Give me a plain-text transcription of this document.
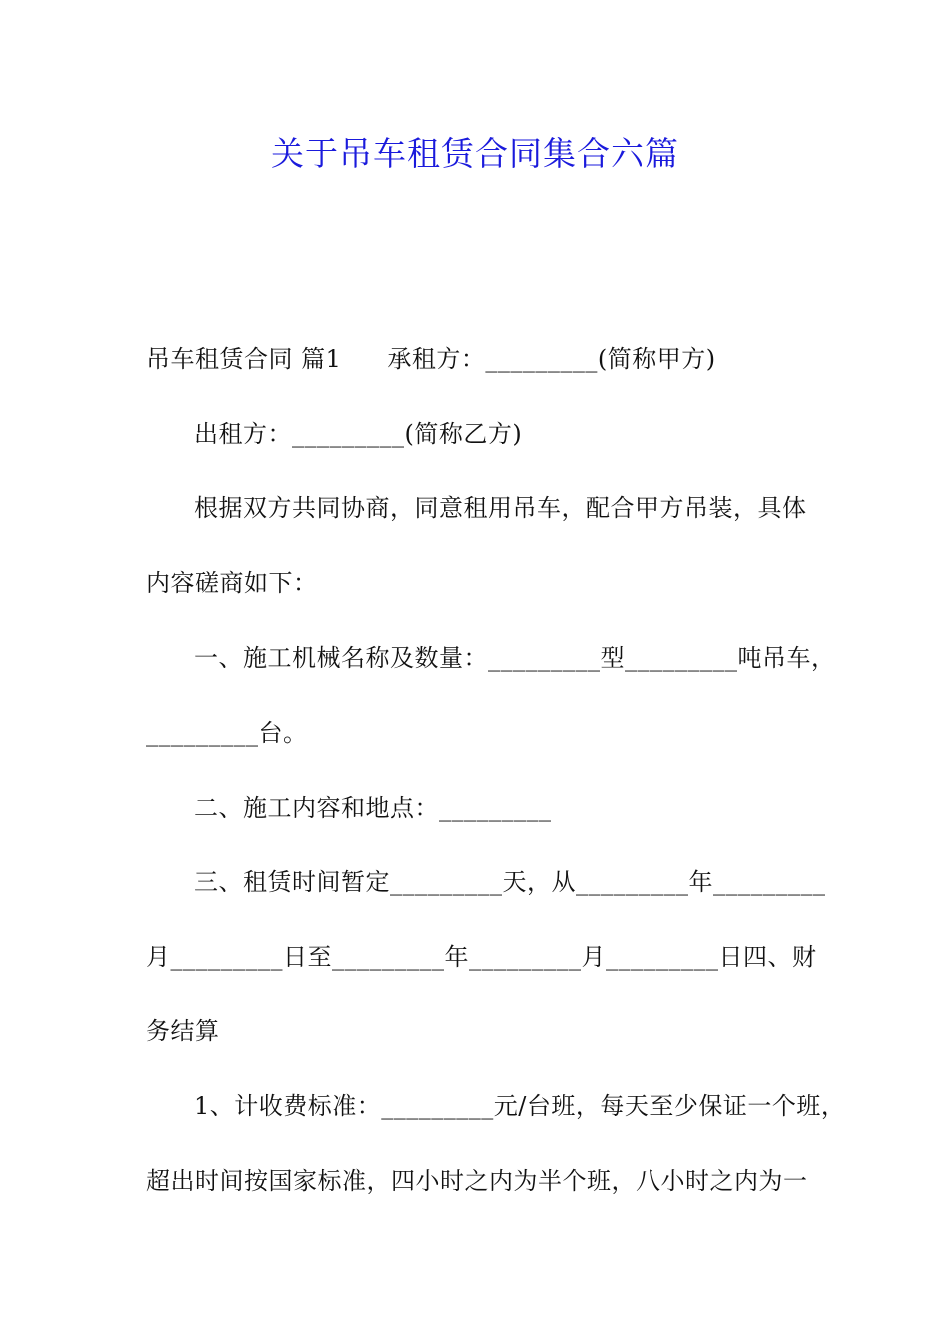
关于吊车租赁合同集合六篇
吊车租赁合同 篇1 承租方：_________(简称甲方)
出租方：_________(简称乙方)
根据双方共同协商，同意租用吊车，配合甲方吊装，具体
内容磋商如下：
一、施工机械名称及数量：_________型_________吨吊车，
_________台。
二、施工内容和地点：_________
三、租赁时间暂定_________天，从_________年_________
月_________日至_________年_________月_________日四、财
务结算
1、计收费标准：_________元/台班，每天至少保证一个班，
超出时间按国家标准，四小时之内为半个班，八小时之内为一
